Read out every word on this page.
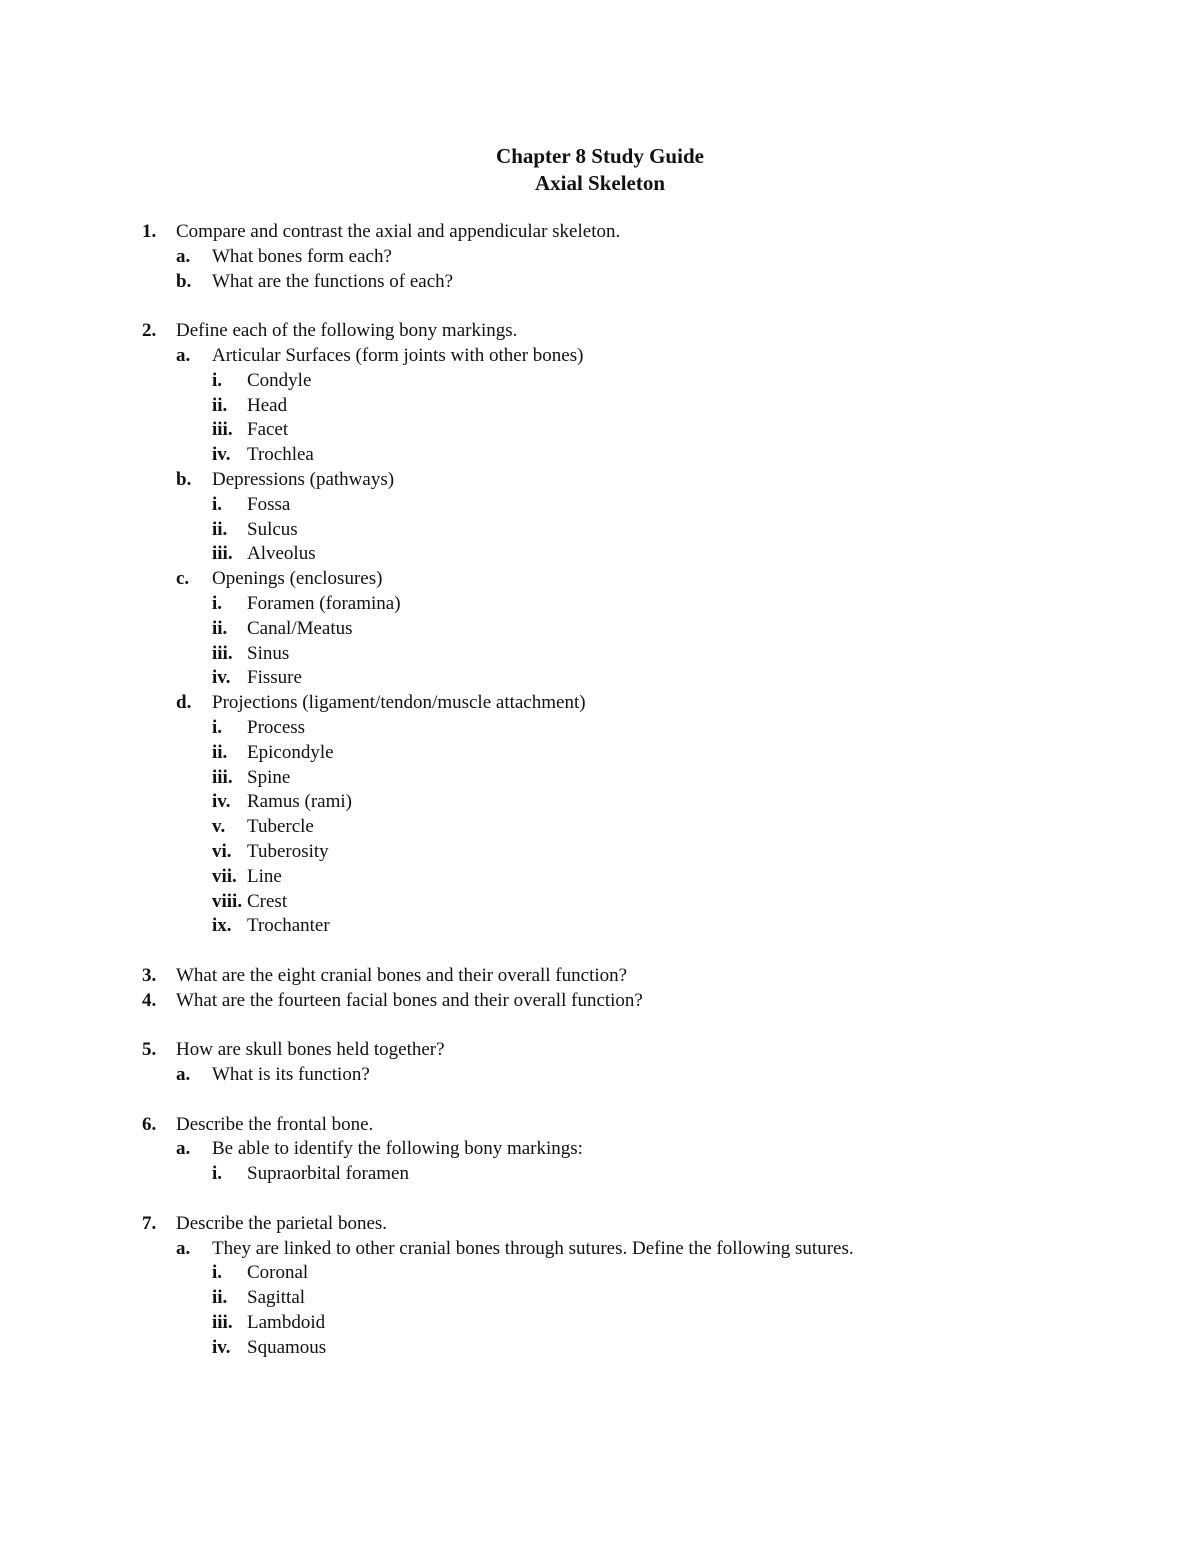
Chapter 8 Study Guide
Axial Skeleton
1. Compare and contrast the axial and appendicular skeleton.
a. What bones form each?
b. What are the functions of each?
2. Define each of the following bony markings.
a. Articular Surfaces (form joints with other bones)
i. Condyle
ii. Head
iii. Facet
iv. Trochlea
b. Depressions (pathways)
i. Fossa
ii. Sulcus
iii. Alveolus
c. Openings (enclosures)
i. Foramen (foramina)
ii. Canal/Meatus
iii. Sinus
iv. Fissure
d. Projections (ligament/tendon/muscle attachment)
i. Process
ii. Epicondyle
iii. Spine
iv. Ramus (rami)
v. Tubercle
vi. Tuberosity
vii. Line
viii. Crest
ix. Trochanter
3. What are the eight cranial bones and their overall function?
4. What are the fourteen facial bones and their overall function?
5. How are skull bones held together?
a. What is its function?
6. Describe the frontal bone.
a. Be able to identify the following bony markings:
i. Supraorbital foramen
7. Describe the parietal bones.
a. They are linked to other cranial bones through sutures. Define the following sutures.
i. Coronal
ii. Sagittal
iii. Lambdoid
iv. Squamous
